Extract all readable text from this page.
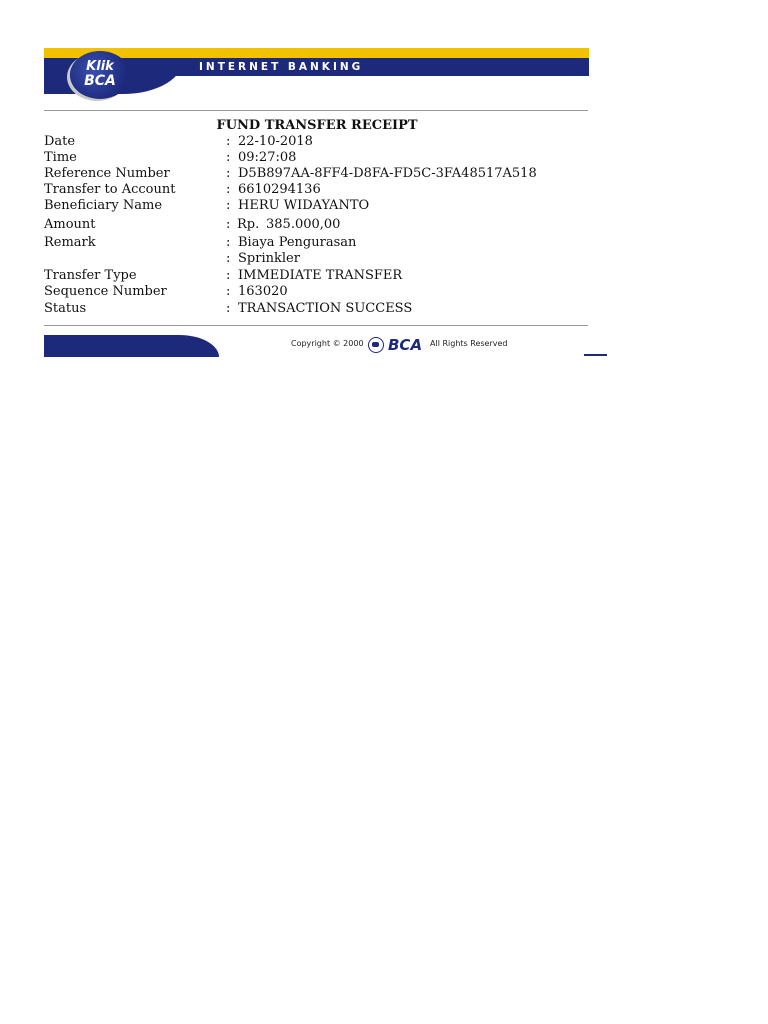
INTERNET BANKING
Klik
BCA
FUND TRANSFER RECEIPT
Date	: 22-10-2018
Time	: 09:27:08
Reference Number	: D5B897AA-8FF4-D8FA-FD5C-3FA48517A518
Transfer to Account	: 6610294136
Beneficiary Name	: HERU WIDAYANTO
Amount	: Rp. 385.000,00
Remark	: Biaya Pengurasan
: Sprinkler
Transfer Type	: IMMEDIATE TRANSFER
Sequence Number	: 163020
Status	: TRANSACTION SUCCESS
Copyright © 2000 BCA All Rights Reserved
